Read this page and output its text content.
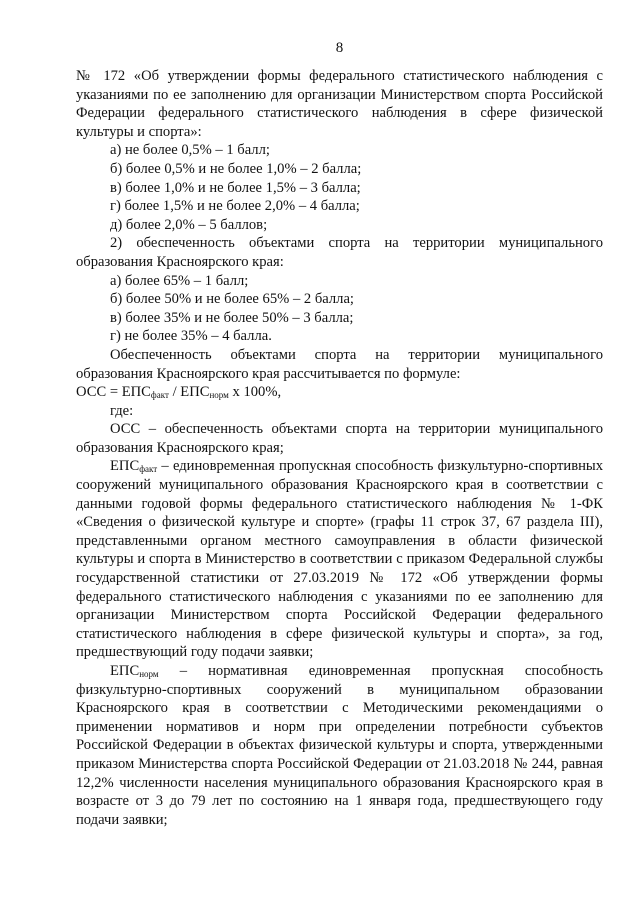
8

№ 172 «Об утверждении формы федерального статистического наблюдения с указаниями по ее заполнению для организации Министерством спорта Российской Федерации федерального статистического наблюдения в сфере физической культуры и спорта»:

а) не более 0,5% – 1 балл;

б) более 0,5% и не более 1,0% – 2 балла;

в) более 1,0% и не более 1,5% – 3 балла;

г) более 1,5% и не более 2,0% – 4 балла;

д) более 2,0% – 5 баллов;

2) обеспеченность объектами спорта на территории муниципального образования Красноярского края:

а) более 65% – 1 балл;

б) более 50% и не более 65% – 2 балла;

в) более 35% и не более 50% – 3 балла;

г) не более 35% – 4 балла.

Обеспеченность объектами спорта на территории муниципального образования Красноярского края рассчитывается по формуле:

ОСС = $ЕПС_{факт} / ЕПС_{норм}$ x 100%,

где:

ОСС – обеспеченность объектами спорта на территории муниципального образования Красноярского края;

$ЕПС_{факт}$ – единовременная пропускная способность физкультурно-спортивных сооружений муниципального образования Красноярского края в соответствии с данными годовой формы федерального статистического наблюдения № 1-ФК «Сведения о физической культуре и спорте» (графы 11 строк 37, 67 раздела III), представленными органом местного самоуправления в области физической культуры и спорта в Министерство в соответствии с приказом Федеральной службы государственной статистики от 27.03.2019 № 172 «Об утверждении формы федерального статистического наблюдения с указаниями по ее заполнению для организации Министерством спорта Российской Федерации федерального статистического наблюдения в сфере физической культуры и спорта», за год, предшествующий году подачи заявки;

$ЕПС_{норм}$ – нормативная единовременная пропускная способность физкультурно-спортивных сооружений в муниципальном образовании Красноярского края в соответствии с Методическими рекомендациями о применении нормативов и норм при определении потребности субъектов Российской Федерации в объектах физической культуры и спорта, утвержденными приказом Министерства спорта Российской Федерации от 21.03.2018 № 244, равная 12,2% численности населения муниципального образования Красноярского края в возрасте от 3 до 79 лет по состоянию на 1 января года, предшествующего году подачи заявки;
